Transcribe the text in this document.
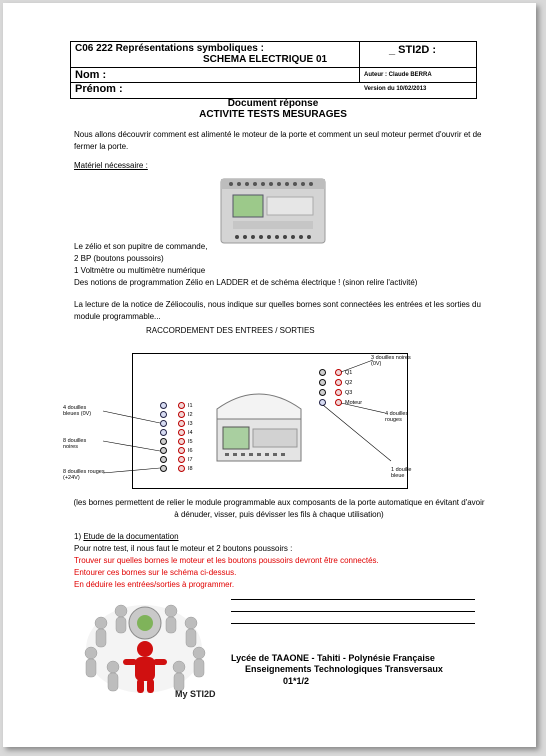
C06 222 Représentations symboliques :
SCHEMA ELECTRIQUE 01
_ STI2D :
Nom :	Auteur : Claude BERRA
Prénom :	Version du 10/02/2013
Document réponse
ACTIVITE TESTS MESURAGES
Nous allons découvrir comment est alimenté le moteur de la porte et comment un seul moteur permet d'ouvrir et de fermer la porte.
Matériel nécessaire :
Le zélio et son pupitre de commande,
2 BP (boutons poussoirs)
1 Voltmètre ou multimètre numérique
Des notions de programmation Zélio en LADDER et de schéma électrique ! (sinon relire l'activité)
La lecture de la notice de Zéliocoulis, nous indique sur quelles bornes sont connectées les entrées et les sorties du module programmable...
RACCORDEMENT DES ENTREES / SORTIES
I1
I2
I3
I4
I5
I6
I7
I8
Q1
Q2
Q3
Moteur
4 douilles bleues (0V)
8 douilles noires
8 douilles rouges (+24V)
3 douilles noires (0V)
4 douilles rouges
1 douille bleue
(les bornes permettent de relier le module programmable aux composants de la porte automatique en évitant d'avoir à dénuder, visser, puis dévisser les fils à chaque utilisation)
1) Etude de la documentation
Pour notre test, il nous faut le moteur et 2 boutons poussoirs :
Trouver sur quelles bornes le moteur et les boutons poussoirs devront être connectés.
Entourer ces bornes sur le schéma ci-dessus.
En déduire les entrées/sorties à programmer.
My STI2D
Lycée de TAAONE - Tahiti - Polynésie Française
Enseignements Technologiques Transversaux
01*1/2
